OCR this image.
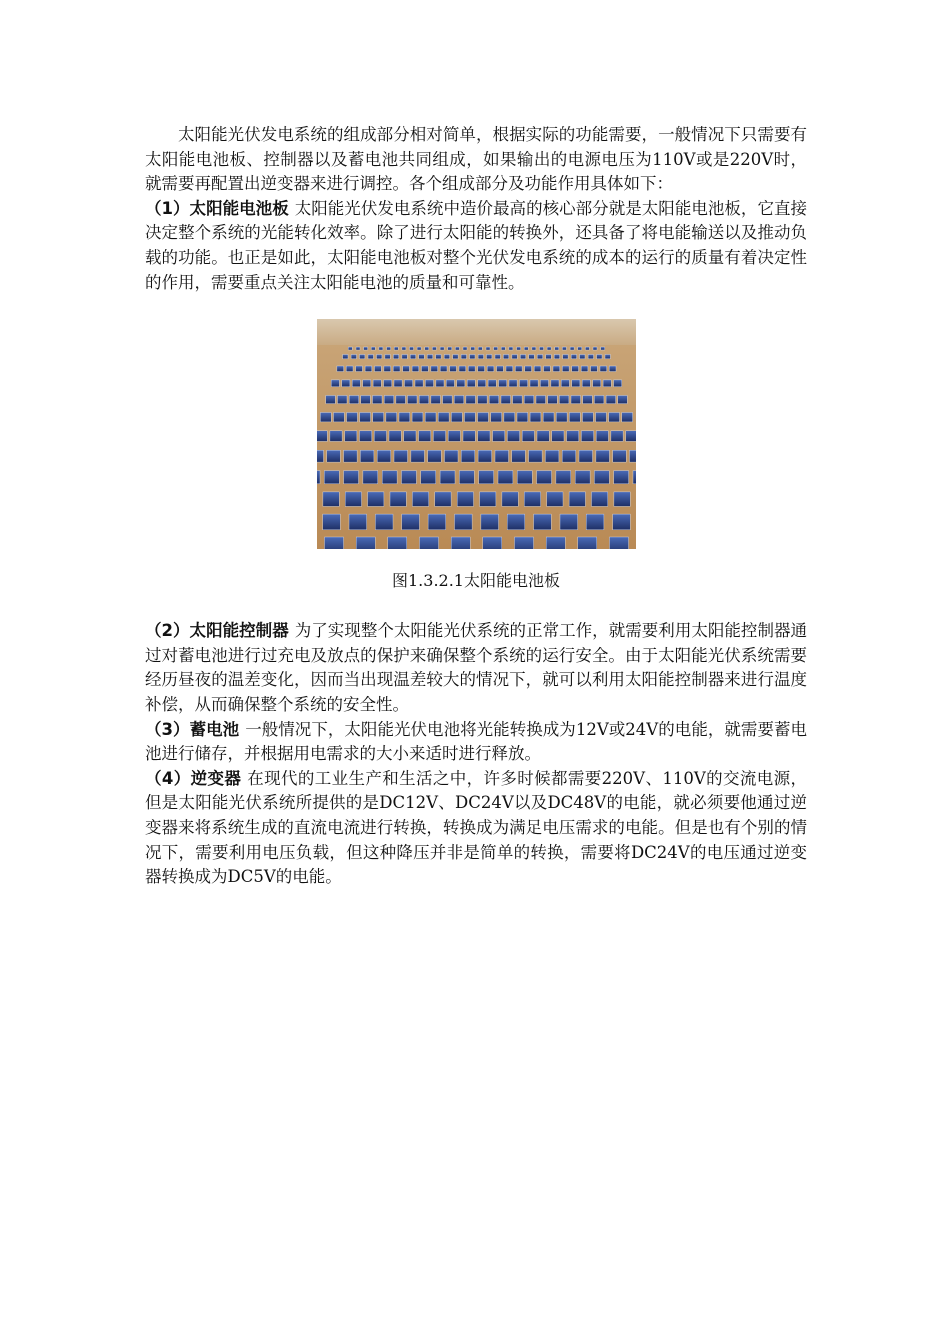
太阳能光伏发电系统的组成部分相对简单，根据实际的功能需要，一般情况下只需要有太阳能电池板、控制器以及蓄电池共同组成，如果输出的电源电压为110V或是220V时，就需要再配置出逆变器来进行调控。各个组成部分及功能作用具体如下：

（1）太阳能电池板 太阳能光伏发电系统中造价最高的核心部分就是太阳能电池板，它直接决定整个系统的光能转化效率。除了进行太阳能的转换外，还具备了将电能输送以及推动负载的功能。也正是如此，太阳能电池板对整个光伏发电系统的成本的运行的质量有着决定性的作用，需要重点关注太阳能电池的质量和可靠性。

图1.3.2.1太阳能电池板

（2）太阳能控制器 为了实现整个太阳能光伏系统的正常工作，就需要利用太阳能控制器通过对蓄电池进行过充电及放点的保护来确保整个系统的运行安全。由于太阳能光伏系统需要经历昼夜的温差变化，因而当出现温差较大的情况下，就可以利用太阳能控制器来进行温度补偿，从而确保整个系统的安全性。

（3）蓄电池 一般情况下，太阳能光伏电池将光能转换成为12V或24V的电能，就需要蓄电池进行储存，并根据用电需求的大小来适时进行释放。

（4）逆变器 在现代的工业生产和生活之中，许多时候都需要220V、110V的交流电源，但是太阳能光伏系统所提供的是DC12V、DC24V以及DC48V的电能，就必须要他通过逆变器来将系统生成的直流电流进行转换，转换成为满足电压需求的电能。但是也有个别的情况下，需要利用电压负载，但这种降压并非是简单的转换，需要将DC24V的电压通过逆变器转换成为DC5V的电能。
